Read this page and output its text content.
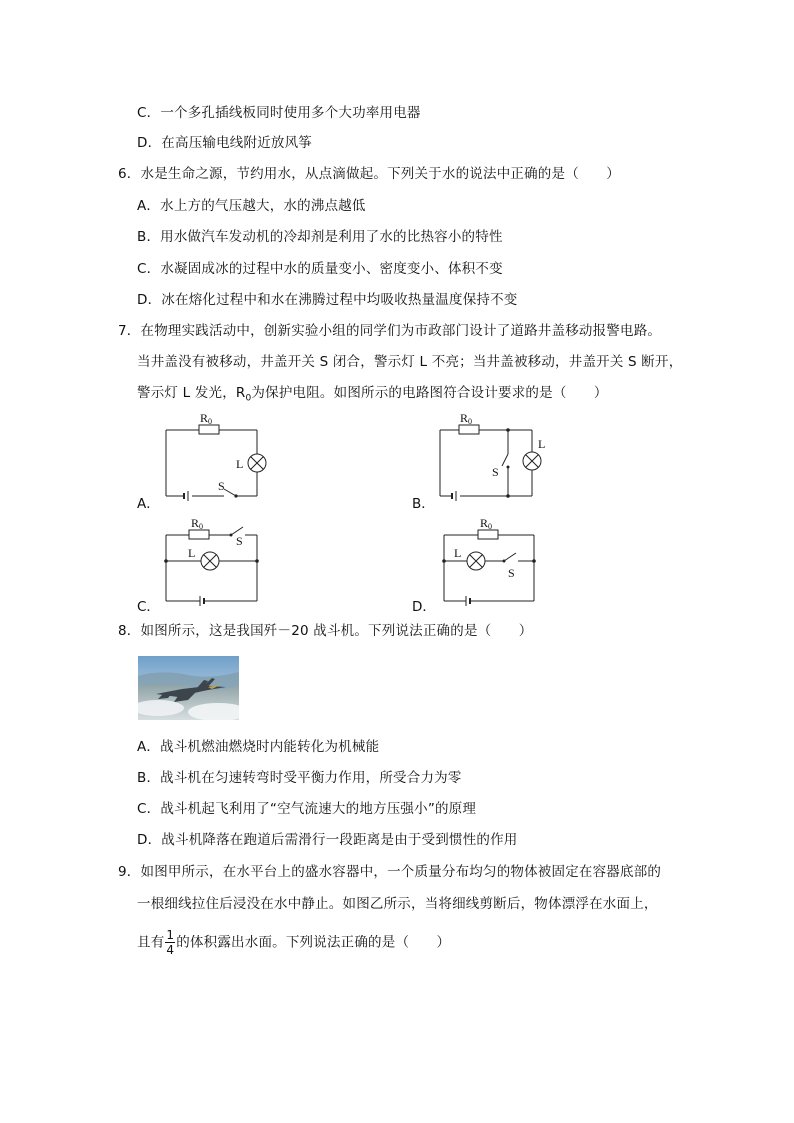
C．一个多孔插线板同时使用多个大功率用电器
D．在高压输电线附近放风筝
6．水是生命之源，节约用水，从点滴做起。下列关于水的说法中正确的是（　　）
A．水上方的气压越大，水的沸点越低
B．用水做汽车发动机的冷却剂是利用了水的比热容小的特性
C．水凝固成冰的过程中水的质量变小、密度变小、体积不变
D．冰在熔化过程中和水在沸腾过程中均吸收热量温度保持不变
7．在物理实践活动中，创新实验小组的同学们为市政部门设计了道路井盖移动报警电路。
当井盖没有被移动，井盖开关 S 闭合，警示灯 L 不亮；当井盖被移动，井盖开关 S 断开，
警示灯 L 发光，$R_0$为保护电阻。如图所示的电路图符合设计要求的是（　　）
A．
R0
L
S
B．
R0
L
S
C．
R0
L
S
D．
R0
L
S
8．如图所示，这是我国歼－20 战斗机。下列说法正确的是（　　）
A．战斗机燃油燃烧时内能转化为机械能
B．战斗机在匀速转弯时受平衡力作用，所受合力为零
C．战斗机起飞利用了“空气流速大的地方压强小”的原理
D．战斗机降落在跑道后需滑行一段距离是由于受到惯性的作用
9．如图甲所示，在水平台上的盛水容器中，一个质量分布均匀的物体被固定在容器底部的
一根细线拉住后浸没在水中静止。如图乙所示，当将细线剪断后，物体漂浮在水面上，
且有 $\frac{1}{4}$ 的体积露出水面。下列说法正确的是（　　）
